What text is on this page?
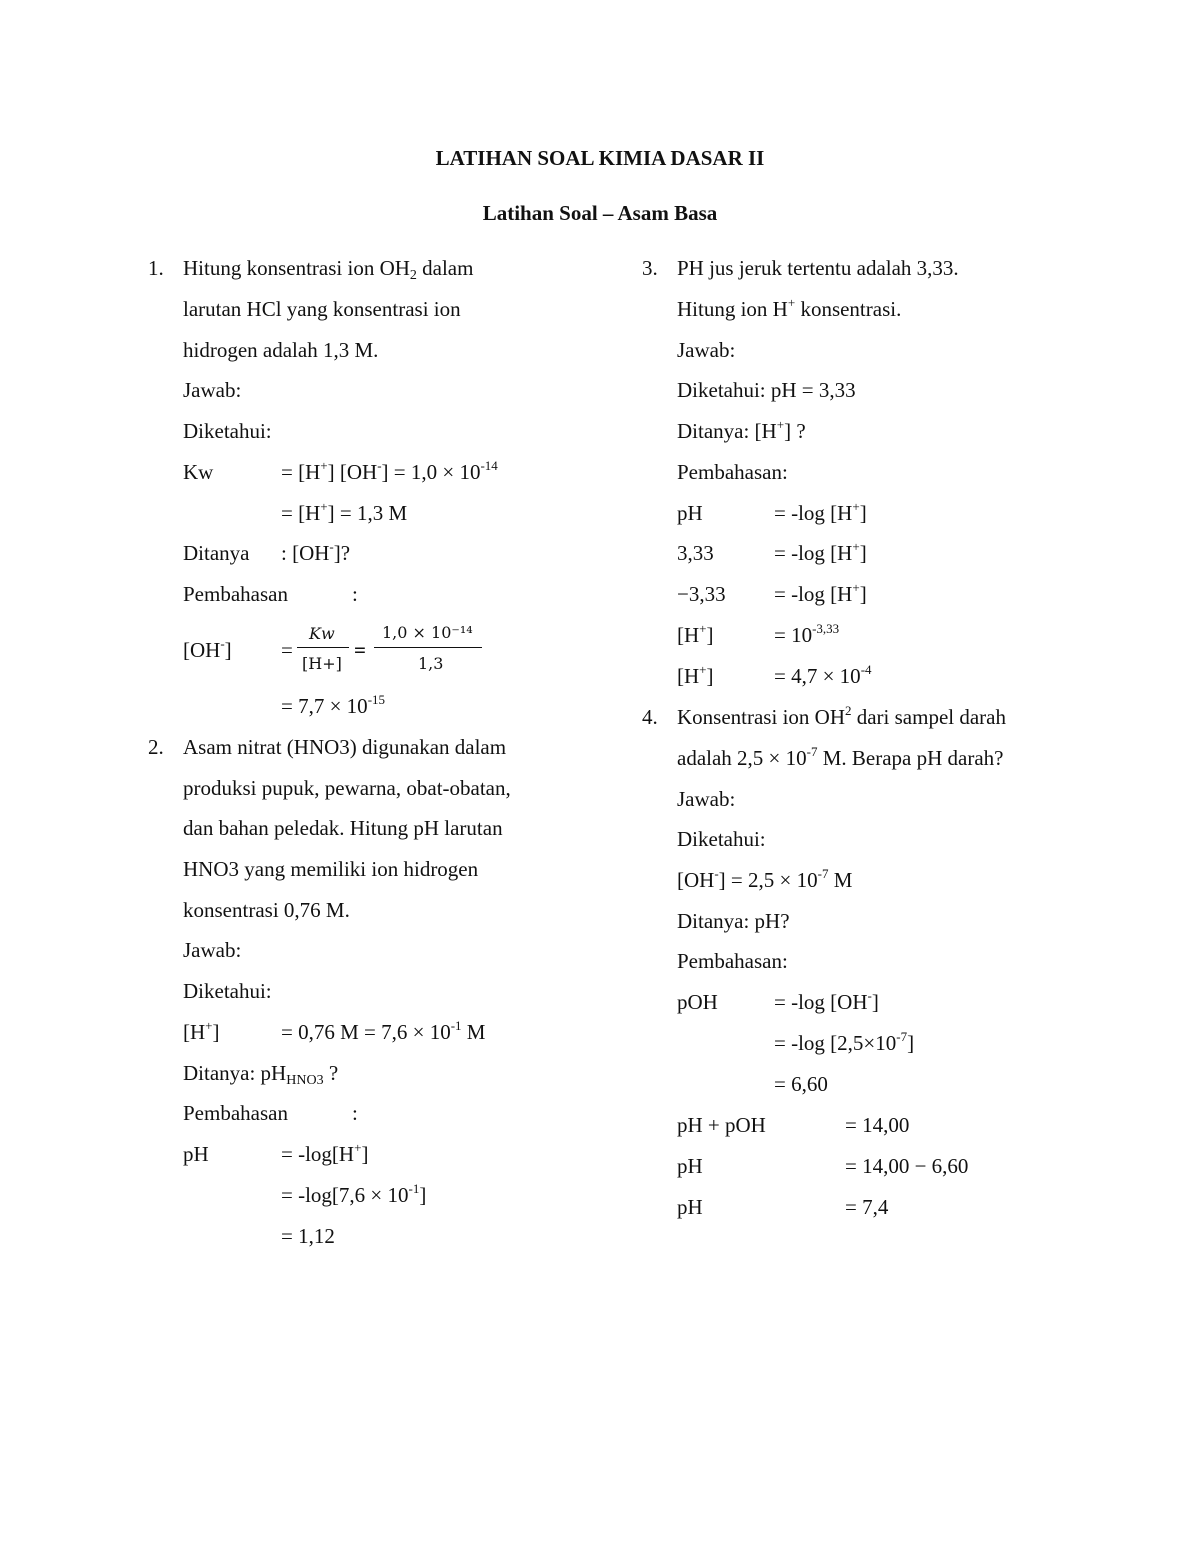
LATIHAN SOAL KIMIA DASAR II
Latihan Soal – Asam Basa
1. Hitung konsentrasi ion $OH_2$ dalam
larutan HCl yang konsentrasi ion
hidrogen adalah 1,3 M.
Jawab:
Diketahui:
Kw	= [H+] $[OH^-] = 1,0 \times 10^{-14}$
= [H+] = 1,3 M
Ditanya : [OH-]?
Pembahasan	:
[OH-] =
Kw
[H+]
=
1,0 × 10⁻¹⁴
1,3
= $7,7 \times 10^{-15}$
2. Asam nitrat (HNO3) digunakan dalam
produksi pupuk, pewarna, obat-obatan,
dan bahan peledak. Hitung pH larutan
HNO3 yang memiliki ion hidrogen
konsentrasi 0,76 M.
Jawab:
Diketahui:
[H+]	= 0,76 $M = 7,6 \times 10^{-1}$ M
Ditanya: $pH_{HNO3}$ ?
Pembahasan	:
pH	= -log[H+]
= $-\log[7,6 \times 10^{-1}]$
= 1,12
3. PH jus jeruk tertentu adalah 3,33.
Hitung ion H+ konsentrasi.
Jawab:
Diketahui: pH = 3,33
Ditanya: [H+] ?
Pembahasan:
pH	= -log [H+]
3,33	= -log [H+]
−3,33 = -log [H+]
[H+]	= $10^{-3,33}$
[H+]	= $4,7 \times 10^{-4}$
4. Konsentrasi ion $OH^2$ dari sampel darah
adalah $2,5 \times 10^{-7}$ M. Berapa pH darah?
Jawab:
Diketahui:
$[OH^-] = 2,5 \times 10^{-7}$ M
Ditanya: pH?
Pembahasan:
pOH	= -log [OH-]
= -log $[2,5\times 10^{-7}]$
= 6,60
pH + pOH	= 14,00
pH	= 14,00 − 6,60
pH	= 7,4
